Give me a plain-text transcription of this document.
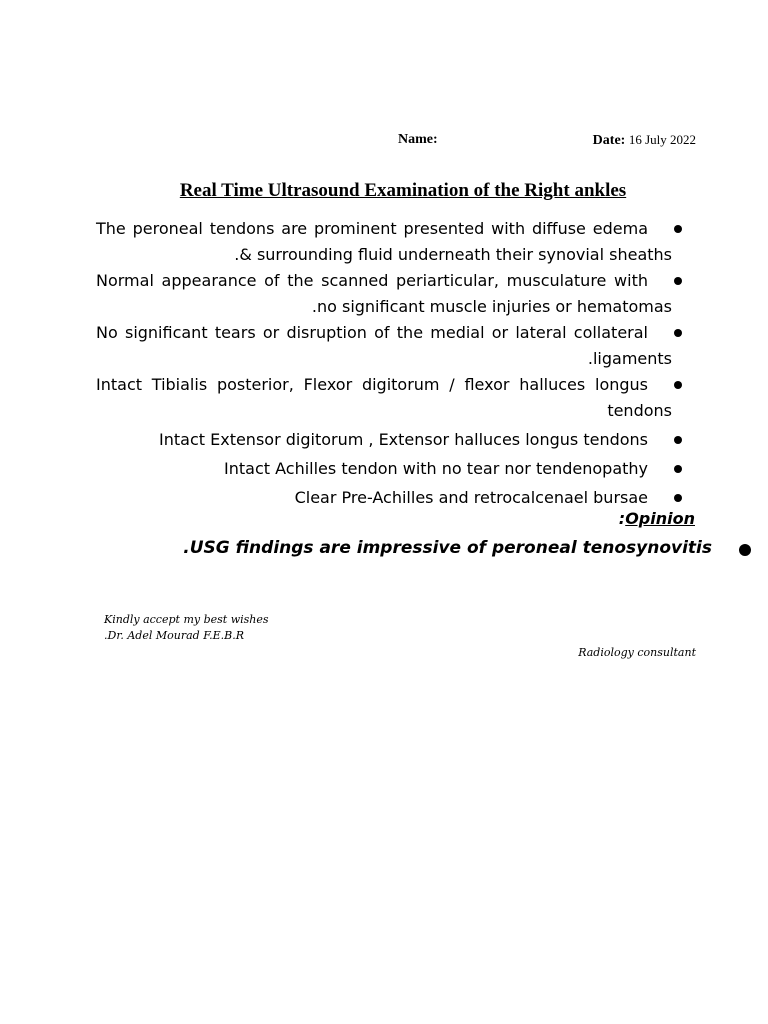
Name:	Date: 16 July 2022
Real Time Ultrasound Examination of the Right ankles
The peroneal tendons are prominent presented with diffuse edema
.& surrounding fluid underneath their synovial sheaths
Normal appearance of the scanned periarticular, musculature with
.no significant muscle injuries or hematomas
No significant tears or disruption of the medial or lateral collateral
.ligaments
Intact Tibialis posterior, Flexor digitorum / flexor halluces longus
tendons
Intact Extensor digitorum , Extensor halluces longus tendons
Intact Achilles tendon with no tear nor tendenopathy
Clear Pre-Achilles and retrocalcenael bursae
:Opinion
.USG findings are impressive of peroneal tenosynovitis
Kindly accept my best wishes
.Dr. Adel Mourad F.E.B.R
Radiology consultant
